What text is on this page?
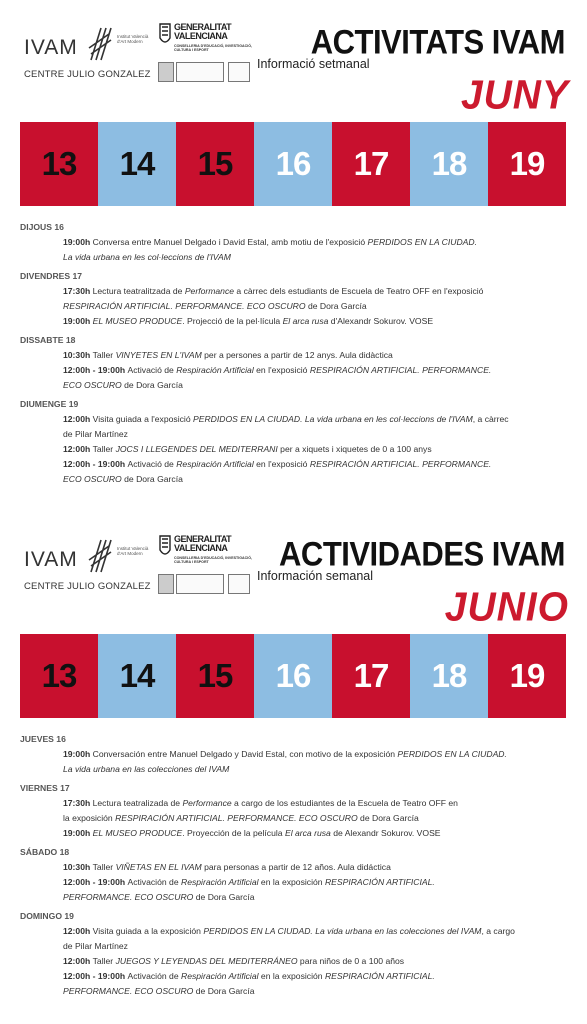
IVAM	Institut Valencià d'Art Modern
CENTRE JULIO GONZALEZ
GENERALITAT VALENCIANA
CONSELLERIA D'EDUCACIÓ, INVESTIGACIÓ, CULTURA I ESPORT	ACTIVITATS IVAM
Informació setmanal
JUNY
13	14	15	16	17	18	19
DIJOUS 16
19:00h Conversa entre Manuel Delgado i David Estal, amb motiu de l'exposició PERDIDOS EN LA CIUDAD.
La vida urbana en les col·leccions de l'IVAM
DIVENDRES 17
17:30h Lectura teatralitzada de Performance a càrrec dels estudiants de Escuela de Teatro OFF en l'exposició
RESPIRACIÓN ARTIFICIAL. PERFORMANCE. ECO OSCURO de Dora García
19:00h EL MUSEO PRODUCE. Projecció de la pel·lícula El arca rusa d'Alexandr Sokurov. VOSE
DISSABTE 18
10:30h Taller VINYETES EN L'IVAM per a persones a partir de 12 anys. Aula didàctica
12:00h - 19:00h Activació de Respiración Artificial en l'exposició RESPIRACIÓN ARTIFICIAL. PERFORMANCE.
ECO OSCURO de Dora García
DIUMENGE 19
12:00h Visita guiada a l'exposició PERDIDOS EN LA CIUDAD. La vida urbana en les col·leccions de l'IVAM, a càrrec
de Pilar Martínez
12:00h Taller JOCS I LLEGENDES DEL MEDITERRANI per a xiquets i xiquetes de 0 a 100 anys
12:00h - 19:00h Activació de Respiración Artificial en l'exposició RESPIRACIÓN ARTIFICIAL. PERFORMANCE.
ECO OSCURO de Dora García
IVAM	Institut Valencià d'Art Modern
CENTRE JULIO GONZALEZ
GENERALITAT VALENCIANA
CONSELLERIA D'EDUCACIÓ, INVESTIGACIÓ, CULTURA I ESPORT	ACTIVIDADES IVAM
Información semanal
JUNIO
13	14	15	16	17	18	19
JUEVES 16
19:00h Conversación entre Manuel Delgado y David Estal, con motivo de la exposición PERDIDOS EN LA CIUDAD.
La vida urbana en las colecciones del IVAM
VIERNES 17
17:30h Lectura teatralizada de Performance a cargo de los estudiantes de la Escuela de Teatro OFF en
la exposición RESPIRACIÓN ARTIFICIAL. PERFORMANCE. ECO OSCURO de Dora García
19:00h EL MUSEO PRODUCE. Proyección de la película El arca rusa de Alexandr Sokurov. VOSE
SÁBADO 18
10:30h Taller VIÑETAS EN EL IVAM para personas a partir de 12 años. Aula didáctica
12:00h - 19:00h Activación de Respiración Artificial en la exposición RESPIRACIÓN ARTIFICIAL.
PERFORMANCE. ECO OSCURO de Dora García
DOMINGO 19
12:00h Visita guiada a la exposición PERDIDOS EN LA CIUDAD. La vida urbana en las colecciones del IVAM, a cargo
de Pilar Martínez
12:00h Taller JUEGOS Y LEYENDAS DEL MEDITERRÁNEO para niños de 0 a 100 años
12:00h - 19:00h Activación de Respiración Artificial en la exposición RESPIRACIÓN ARTIFICIAL.
PERFORMANCE. ECO OSCURO de Dora García
